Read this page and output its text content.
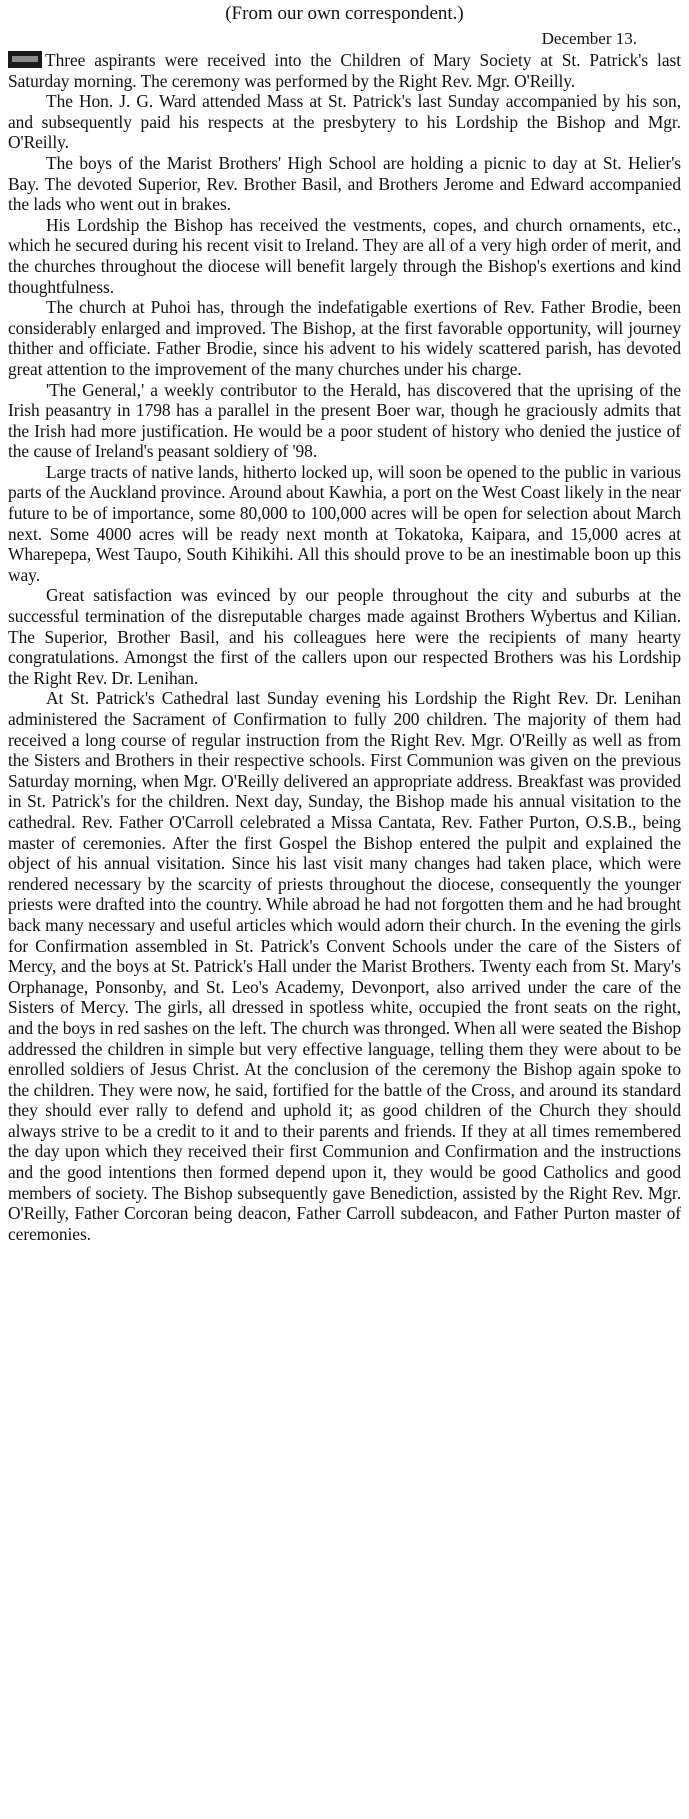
(From our own correspondent.)
December 13.

Three aspirants were received into the Children of Mary Society at St. Patrick's last Saturday morning. The ceremony was performed by the Right Rev. Mgr. O'Reilly.

The Hon. J. G. Ward attended Mass at St. Patrick's last Sunday accompanied by his son, and subsequently paid his respects at the presbytery to his Lordship the Bishop and Mgr. O'Reilly.

The boys of the Marist Brothers' High School are holding a picnic to day at St. Helier's Bay. The devoted Superior, Rev. Brother Basil, and Brothers Jerome and Edward accompanied the lads who went out in brakes.

His Lordship the Bishop has received the vestments, copes, and church ornaments, etc., which he secured during his recent visit to Ireland. They are all of a very high order of merit, and the churches throughout the diocese will benefit largely through the Bishop's exertions and kind thoughtfulness.

The church at Puhoi has, through the indefatigable exertions of Rev. Father Brodie, been considerably enlarged and improved. The Bishop, at the first favorable opportunity, will journey thither and officiate. Father Brodie, since his advent to his widely scattered parish, has devoted great attention to the improvement of the many churches under his charge.

'The General,' a weekly contributor to the Herald, has discovered that the uprising of the Irish peasantry in 1798 has a parallel in the present Boer war, though he graciously admits that the Irish had more justification. He would be a poor student of history who denied the justice of the cause of Ireland's peasant soldiery of '98.

Large tracts of native lands, hitherto locked up, will soon be opened to the public in various parts of the Auckland province. Around about Kawhia, a port on the West Coast likely in the near future to be of importance, some 80,000 to 100,000 acres will be open for selection about March next. Some 4000 acres will be ready next month at Tokatoka, Kaipara, and 15,000 acres at Wharepepa, West Taupo, South Kihikihi. All this should prove to be an inestimable boon up this way.

Great satisfaction was evinced by our people throughout the city and suburbs at the successful termination of the disreputable charges made against Brothers Wybertus and Kilian. The Superior, Brother Basil, and his colleagues here were the recipients of many hearty congratulations. Amongst the first of the callers upon our respected Brothers was his Lordship the Right Rev. Dr. Lenihan.

At St. Patrick's Cathedral last Sunday evening his Lordship the Right Rev. Dr. Lenihan administered the Sacrament of Confirmation to fully 200 children. The majority of them had received a long course of regular instruction from the Right Rev. Mgr. O'Reilly as well as from the Sisters and Brothers in their respective schools. First Communion was given on the previous Saturday morning, when Mgr. O'Reilly delivered an appropriate address. Breakfast was provided in St. Patrick's for the children. Next day, Sunday, the Bishop made his annual visitation to the cathedral. Rev. Father O'Carroll celebrated a Missa Cantata, Rev. Father Purton, O.S.B., being master of ceremonies. After the first Gospel the Bishop entered the pulpit and explained the object of his annual visitation. Since his last visit many changes had taken place, which were rendered necessary by the scarcity of priests throughout the diocese, consequently the younger priests were drafted into the country. While abroad he had not forgotten them and he had brought back many necessary and useful articles which would adorn their church. In the evening the girls for Confirmation assembled in St. Patrick's Convent Schools under the care of the Sisters of Mercy, and the boys at St. Patrick's Hall under the Marist Brothers. Twenty each from St. Mary's Orphanage, Ponsonby, and St. Leo's Academy, Devonport, also arrived under the care of the Sisters of Mercy. The girls, all dressed in spotless white, occupied the front seats on the right, and the boys in red sashes on the left. The church was thronged. When all were seated the Bishop addressed the children in simple but very effective language, telling them they were about to be enrolled soldiers of Jesus Christ. At the conclusion of the ceremony the Bishop again spoke to the children. They were now, he said, fortified for the battle of the Cross, and around its standard they should ever rally to defend and uphold it; as good children of the Church they should always strive to be a credit to it and to their parents and friends. If they at all times remembered the day upon which they received their first Communion and Confirmation and the instructions and the good intentions then formed depend upon it, they would be good Catholics and good members of society. The Bishop subsequently gave Benediction, assisted by the Right Rev. Mgr. O'Reilly, Father Corcoran being deacon, Father Carroll subdeacon, and Father Purton master of ceremonies.
